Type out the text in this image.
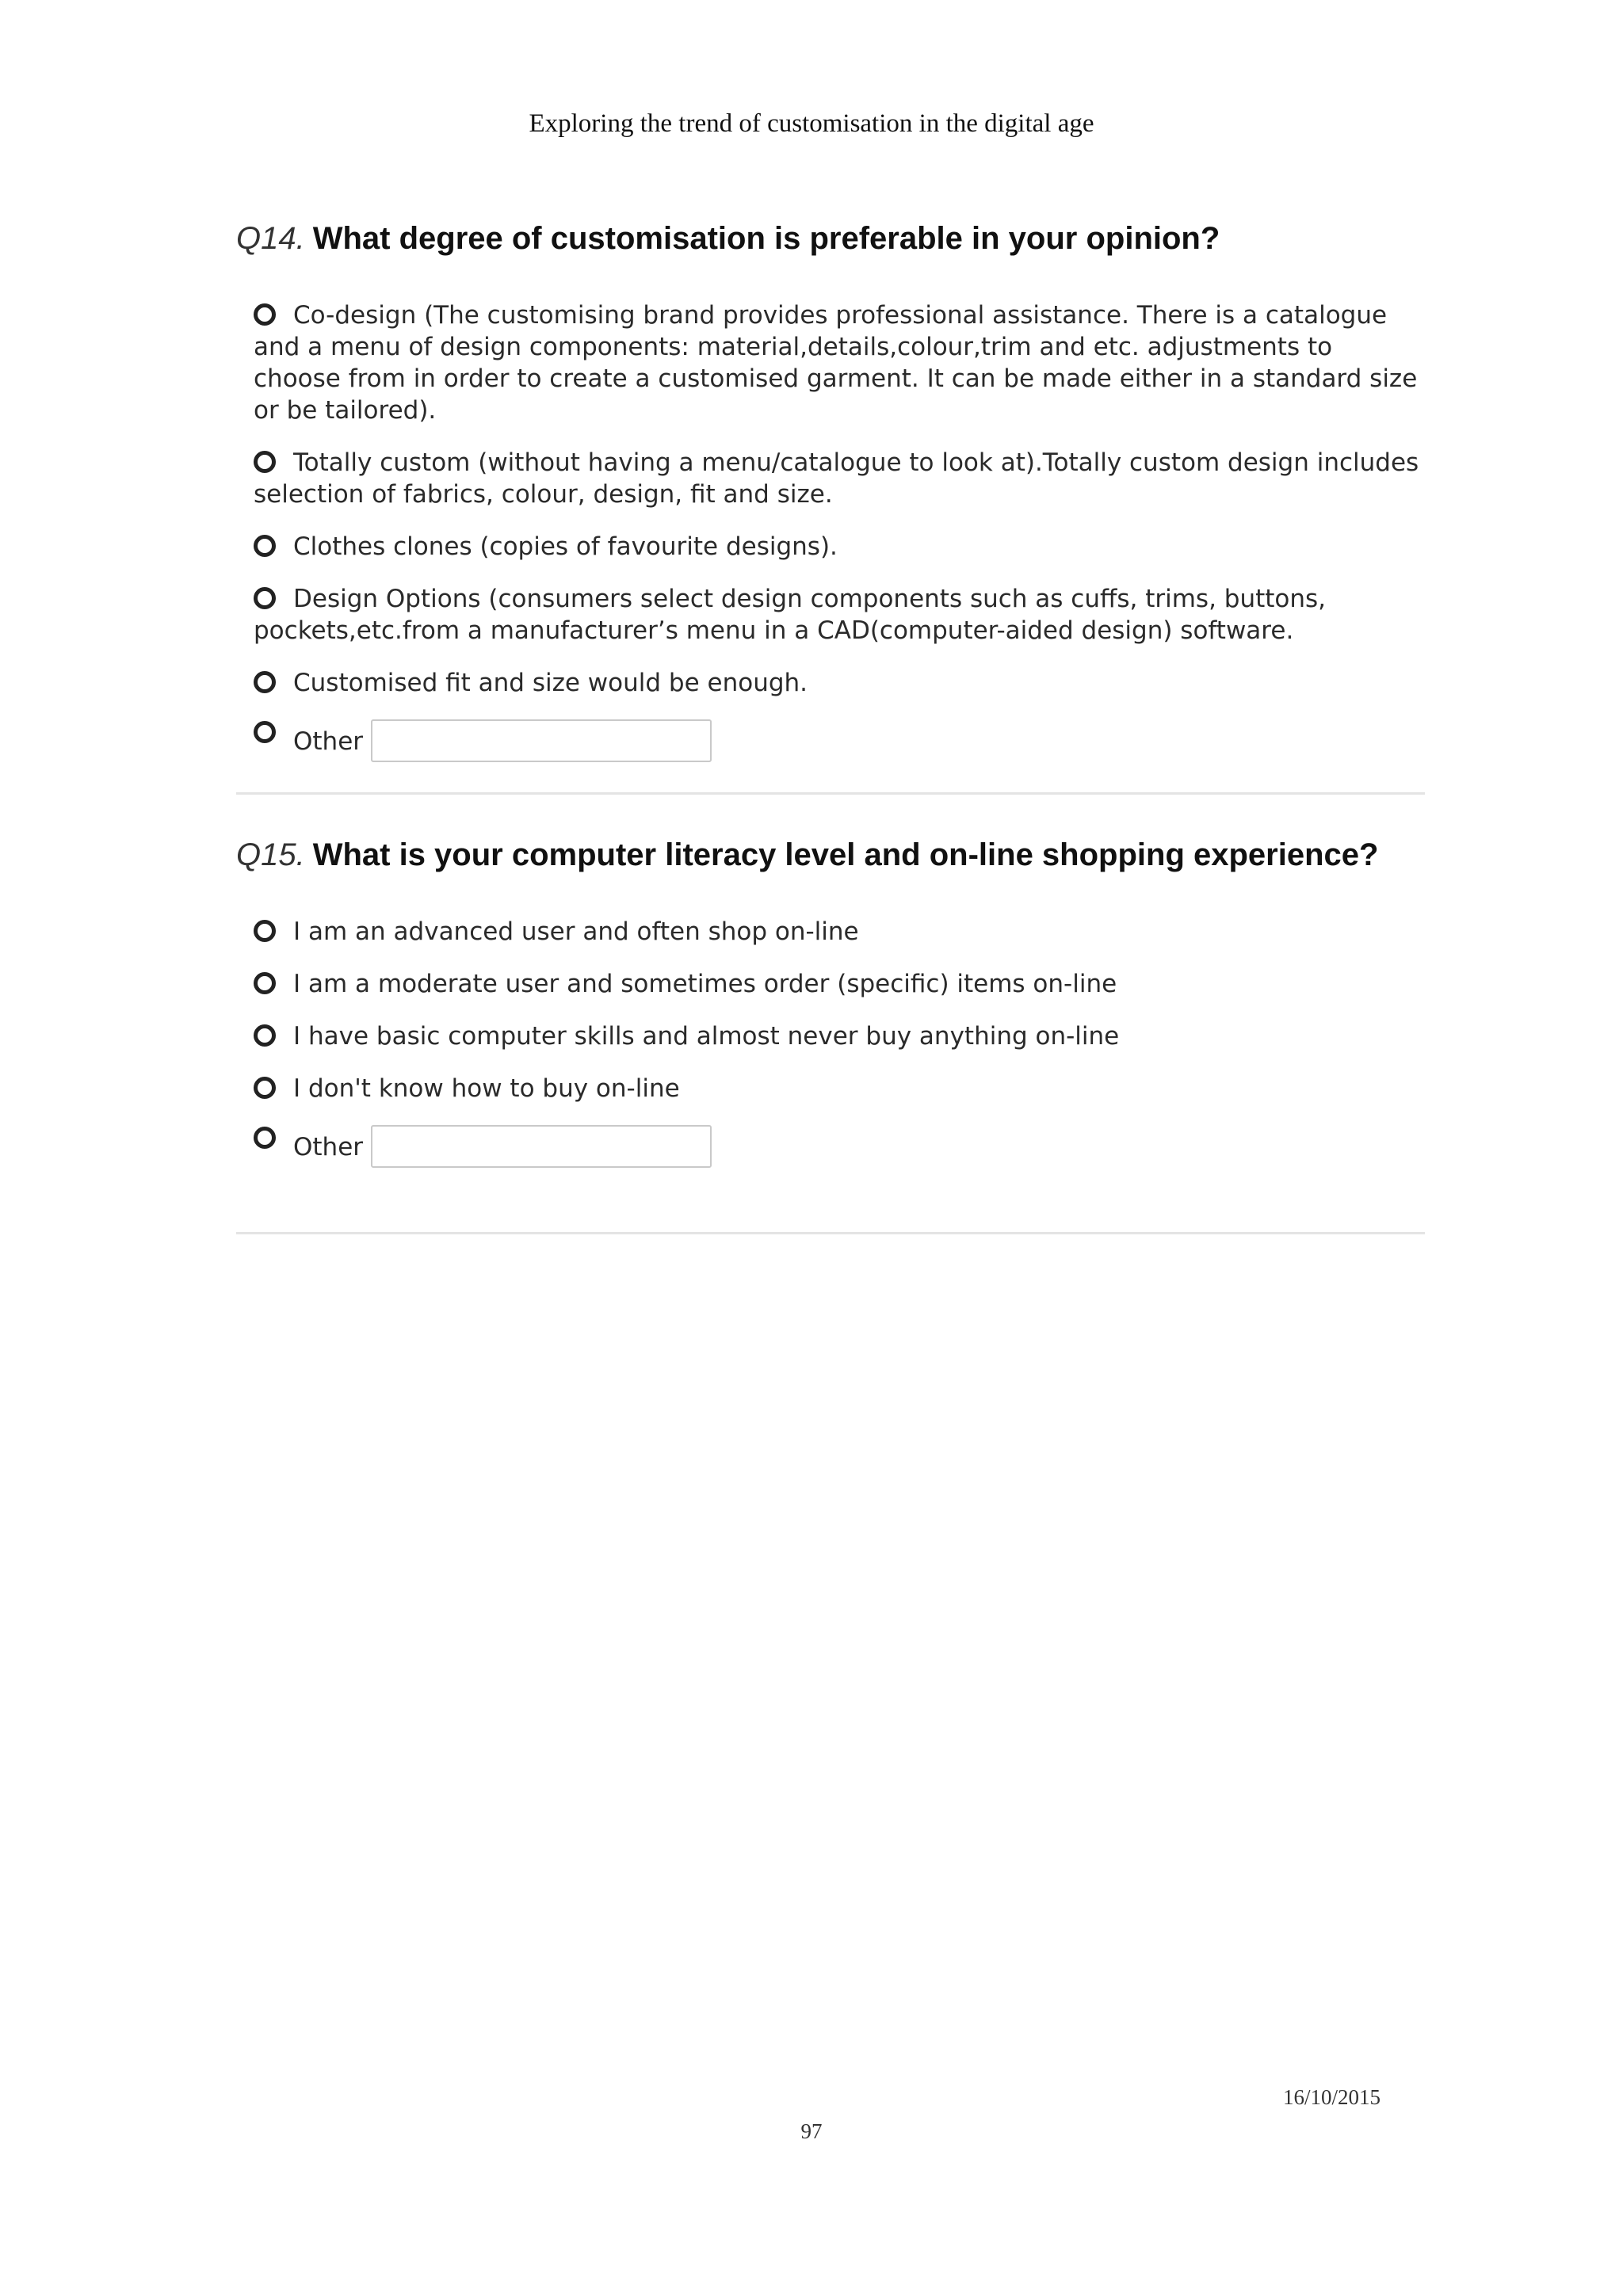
Exploring the trend of customisation in the digital age
Q14. What degree of customisation is preferable in your opinion?
Co-design (The customising brand provides professional assistance. There is a catalogue and a menu of design components: material,details,colour,trim and etc. adjustments to choose from in order to create a customised garment. It can be made either in a standard size or be tailored).
Totally custom (without having a menu/catalogue to look at).Totally custom design includes selection of fabrics, colour, design, fit and size.
Clothes clones (copies of favourite designs).
Design Options (consumers select design components such as cuffs, trims, buttons, pockets,etc.from a manufacturer’s menu in a CAD(computer-aided design) software.
Customised fit and size would be enough.
Other
Q15. What is your computer literacy level and on-line shopping experience?
I am an advanced user and often shop on-line
I am a moderate user and sometimes order (specific) items on-line
I have basic computer skills and almost never buy anything on-line
I don't know how to buy on-line
Other
16/10/2015
97
